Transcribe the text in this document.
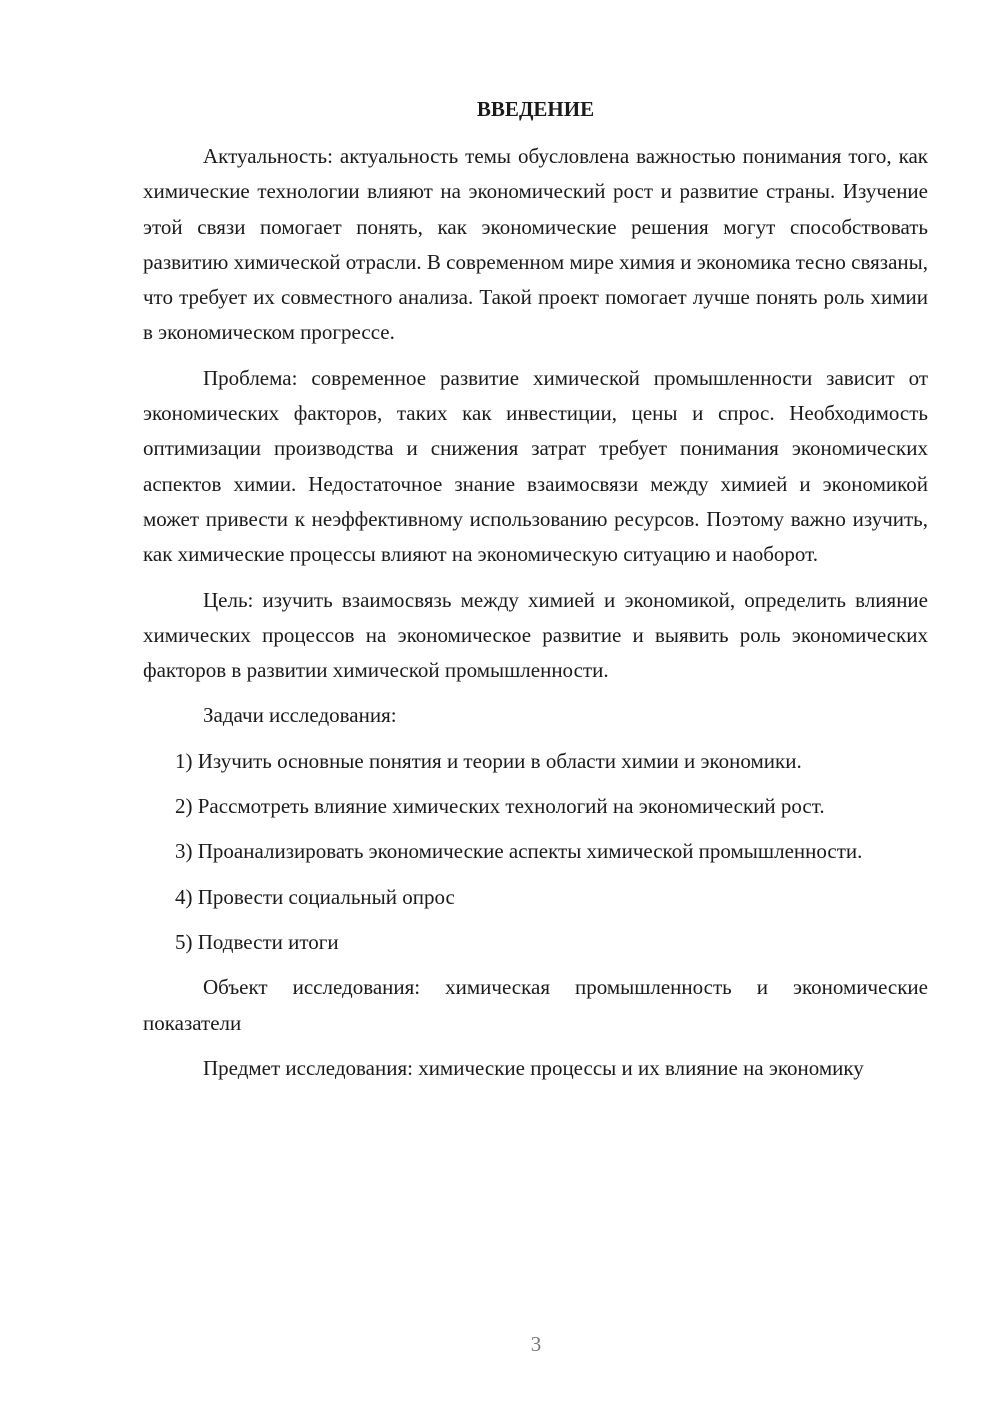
ВВЕДЕНИЕ

Актуальность: актуальность темы обусловлена важностью понимания того, как химические технологии влияют на экономический рост и развитие страны. Изучение этой связи помогает понять, как экономические решения могут способствовать развитию химической отрасли. В современном мире химия и экономика тесно связаны, что требует их совместного анализа. Такой проект помогает лучше понять роль химии в экономическом прогрессе.

Проблема: современное развитие химической промышленности зависит от экономических факторов, таких как инвестиции, цены и спрос. Необходимость оптимизации производства и снижения затрат требует понимания экономических аспектов химии. Недостаточное знание взаимосвязи между химией и экономикой может привести к неэффективному использованию ресурсов. Поэтому важно изучить, как химические процессы влияют на экономическую ситуацию и наоборот.

Цель: изучить взаимосвязь между химией и экономикой, определить влияние химических процессов на экономическое развитие и выявить роль экономических факторов в развитии химической промышленности.

Задачи исследования:

1) Изучить основные понятия и теории в области химии и экономики.

2) Рассмотреть влияние химических технологий на экономический рост.

3) Проанализировать экономические аспекты химической промышленности.

4) Провести социальный опрос

5) Подвести итоги

Объект исследования: химическая промышленность и экономические показатели

Предмет исследования: химические процессы и их влияние на экономику

3
